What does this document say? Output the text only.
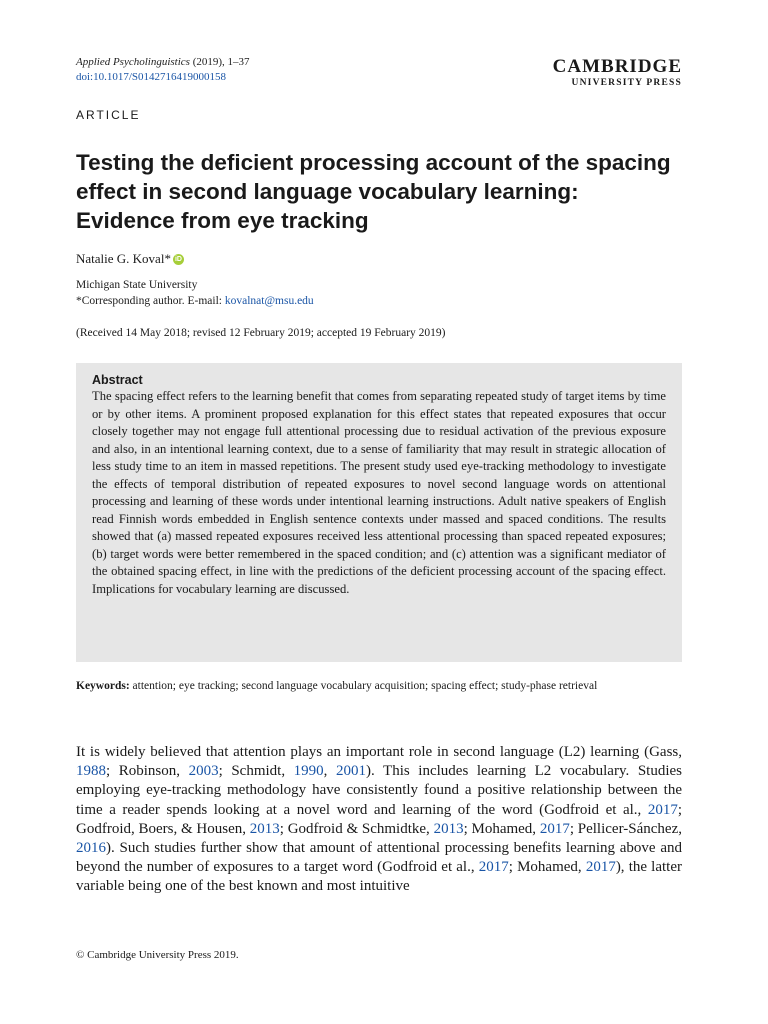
Applied Psycholinguistics (2019), 1–37
doi:10.1017/S0142716419000158	CAMBRIDGE
UNIVERSITY PRESS
ARTICLE
Testing the deficient processing account of the spacing effect in second language vocabulary learning: Evidence from eye tracking
Natalie G. Koval* iD
Michigan State University
*Corresponding author. E-mail: kovalnat@msu.edu
(Received 14 May 2018; revised 12 February 2019; accepted 19 February 2019)
Abstract

The spacing effect refers to the learning benefit that comes from separating repeated study of target items by time or by other items. A prominent proposed explanation for this effect states that repeated exposures that occur closely together may not engage full attentional processing due to residual activation of the previous exposure and also, in an intentional learning context, due to a sense of familiarity that may result in strategic allocation of less study time to an item in massed repetitions. The present study used eye-tracking methodology to investigate the effects of temporal distribution of repeated exposures to novel second language words on attentional processing and learning of these words under intentional learning instructions. Adult native speakers of English read Finnish words embedded in English sentence contexts under massed and spaced conditions. The results showed that (a) massed repeated exposures received less attentional processing than spaced repeated exposures; (b) target words were better remembered in the spaced condition; and (c) attention was a significant mediator of the obtained spacing effect, in line with the predictions of the deficient processing account of the spacing effect. Implications for vocabulary learning are discussed.

Keywords: attention; eye tracking; second language vocabulary acquisition; spacing effect; study-phase retrieval

It is widely believed that attention plays an important role in second language (L2) learning (Gass, 1988; Robinson, 2003; Schmidt, 1990, 2001). This includes learning L2 vocabulary. Studies employing eye-tracking methodology have consistently found a positive relationship between the time a reader spends looking at a novel word and learning of the word (Godfroid et al., 2017; Godfroid, Boers, & Housen, 2013; Godfroid & Schmidtke, 2013; Mohamed, 2017; Pellicer-Sánchez, 2016). Such studies further show that amount of attentional processing benefits learning above and beyond the number of exposures to a target word (Godfroid et al., 2017; Mohamed, 2017), the latter variable being one of the best known and most intuitive

© Cambridge University Press 2019.
